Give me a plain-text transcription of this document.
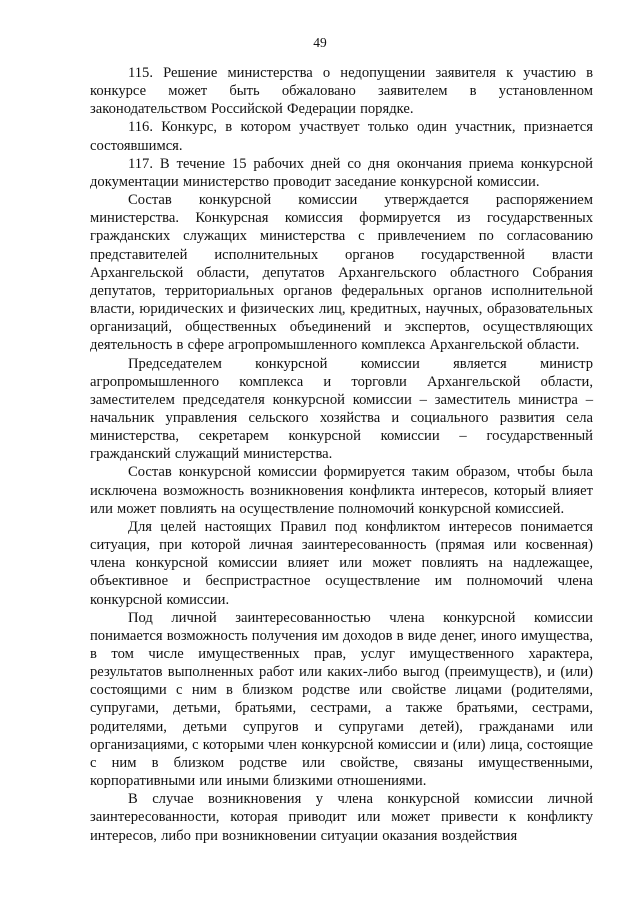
49

115. Решение министерства о недопущении заявителя к участию в конкурсе может быть обжаловано заявителем в установленном законодательством Российской Федерации порядке.

116. Конкурс, в котором участвует только один участник, признается состоявшимся.

117. В течение 15 рабочих дней со дня окончания приема конкурсной документации министерство проводит заседание конкурсной комиссии.

Состав конкурсной комиссии утверждается распоряжением министерства. Конкурсная комиссия формируется из государственных гражданских служащих министерства с привлечением по согласованию представителей исполнительных органов государственной власти Архангельской области, депутатов Архангельского областного Собрания депутатов, территориальных органов федеральных органов исполнительной власти, юридических и физических лиц, кредитных, научных, образовательных организаций, общественных объединений и экспертов, осуществляющих деятельность в сфере агропромышленного комплекса Архангельской области.

Председателем конкурсной комиссии является министр агропромышленного комплекса и торговли Архангельской области, заместителем председателя конкурсной комиссии – заместитель министра – начальник управления сельского хозяйства и социального развития села министерства, секретарем конкурсной комиссии – государственный гражданский служащий министерства.

Состав конкурсной комиссии формируется таким образом, чтобы была исключена возможность возникновения конфликта интересов, который влияет или может повлиять на осуществление полномочий конкурсной комиссией.

Для целей настоящих Правил под конфликтом интересов понимается ситуация, при которой личная заинтересованность (прямая или косвенная) члена конкурсной комиссии влияет или может повлиять на надлежащее, объективное и беспристрастное осуществление им полномочий члена конкурсной комиссии.

Под личной заинтересованностью члена конкурсной комиссии понимается возможность получения им доходов в виде денег, иного имущества, в том числе имущественных прав, услуг имущественного характера, результатов выполненных работ или каких-либо выгод (преимуществ), и (или) состоящими с ним в близком родстве или свойстве лицами (родителями, супругами, детьми, братьями, сестрами, а также братьями, сестрами, родителями, детьми супругов и супругами детей), гражданами или организациями, с которыми член конкурсной комиссии и (или) лица, состоящие с ним в близком родстве или свойстве, связаны имущественными, корпоративными или иными близкими отношениями.

В случае возникновения у члена конкурсной комиссии личной заинтересованности, которая приводит или может привести к конфликту интересов, либо при возникновении ситуации оказания воздействия
